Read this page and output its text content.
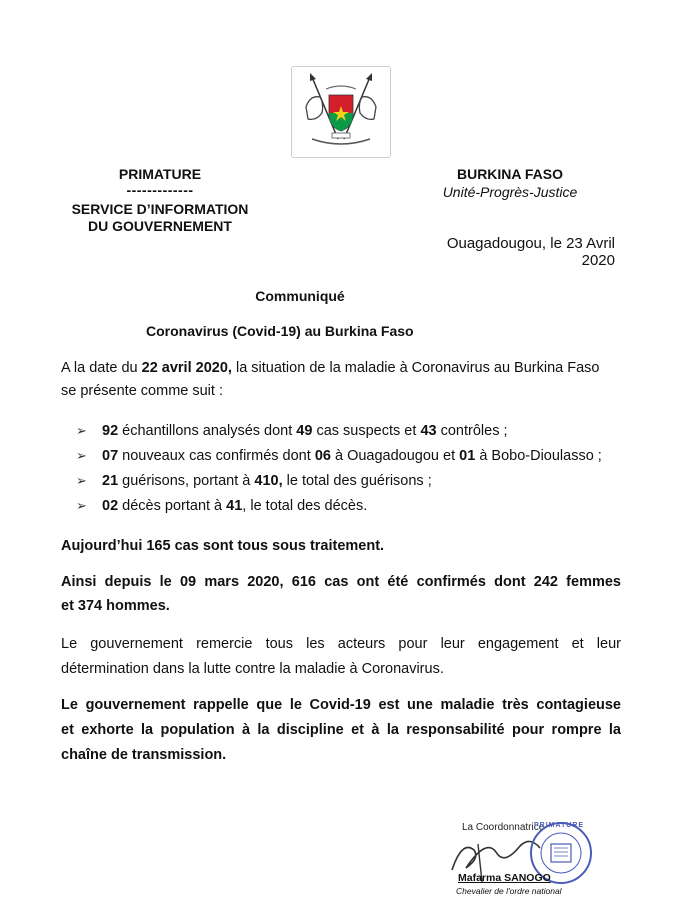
PRIMATURE
-------------
SERVICE D’INFORMATION
DU GOUVERNEMENT
BURKINA FASO
Unité-Progrès-Justice
Ouagadougou, le 23 Avril 2020
Communiqué
Coronavirus (Covid-19) au Burkina Faso
A la date du 22 avril 2020, la situation de la maladie à Coronavirus au Burkina Faso
se présente comme suit :
➢ 92 échantillons analysés dont 49 cas suspects et 43 contrôles ;
➢ 07 nouveaux cas confirmés dont 06 à Ouagadougou et 01 à Bobo-Dioulasso ;
➢ 21 guérisons, portant à 410, le total des guérisons ;
➢ 02 décès portant à 41, le total des décès.
Aujourd’hui 165 cas sont tous sous traitement.
Ainsi depuis le 09 mars 2020, 616 cas ont été confirmés dont 242 femmes
et 374 hommes.
Le gouvernement remercie tous les acteurs pour leur engagement et leur
détermination dans la lutte contre la maladie à Coronavirus.
Le gouvernement rappelle que le Covid-19 est une maladie très contagieuse
et exhorte la population à la discipline et à la responsabilité pour rompre la
chaîne de transmission.
La Coordonnatrice
PRIMATURE
Mafarma SANOGO
Chevalier de l'ordre national
